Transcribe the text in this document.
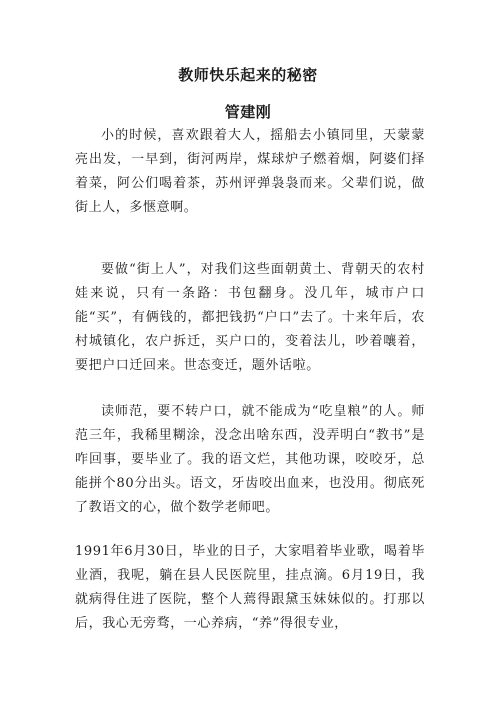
教师快乐起来的秘密
管建刚

小的时候，喜欢跟着大人，摇船去小镇同里，天蒙蒙亮出发，一早到，街河两岸，煤球炉子燃着烟，阿婆们择着菜，阿公们喝着茶，苏州评弹袅袅而来。父辈们说，做街上人，多惬意啊。

要做“街上人”，对我们这些面朝黄土、背朝天的农村娃来说，只有一条路：书包翻身。没几年，城市户口能“买”，有俩钱的，都把钱扔“户口”去了。十来年后，农村城镇化，农户拆迁，买户口的，变着法儿，吵着嚷着，要把户口迁回来。世态变迁，题外话啦。

读师范，要不转户口，就不能成为“吃皇粮”的人。师范三年，我稀里糊涂，没念出啥东西，没弄明白“教书”是咋回事，要毕业了。我的语文烂，其他功课，咬咬牙，总能拼个80分出头。语文，牙齿咬出血来，也没用。彻底死了教语文的心，做个数学老师吧。

1991年6月30日，毕业的日子，大家唱着毕业歌，喝着毕业酒，我呢，躺在县人民医院里，挂点滴。6月19日，我就病得住进了医院，整个人蔫得跟黛玉妹妹似的。打那以后，我心无旁骛，一心养病，“养”得很专业，
